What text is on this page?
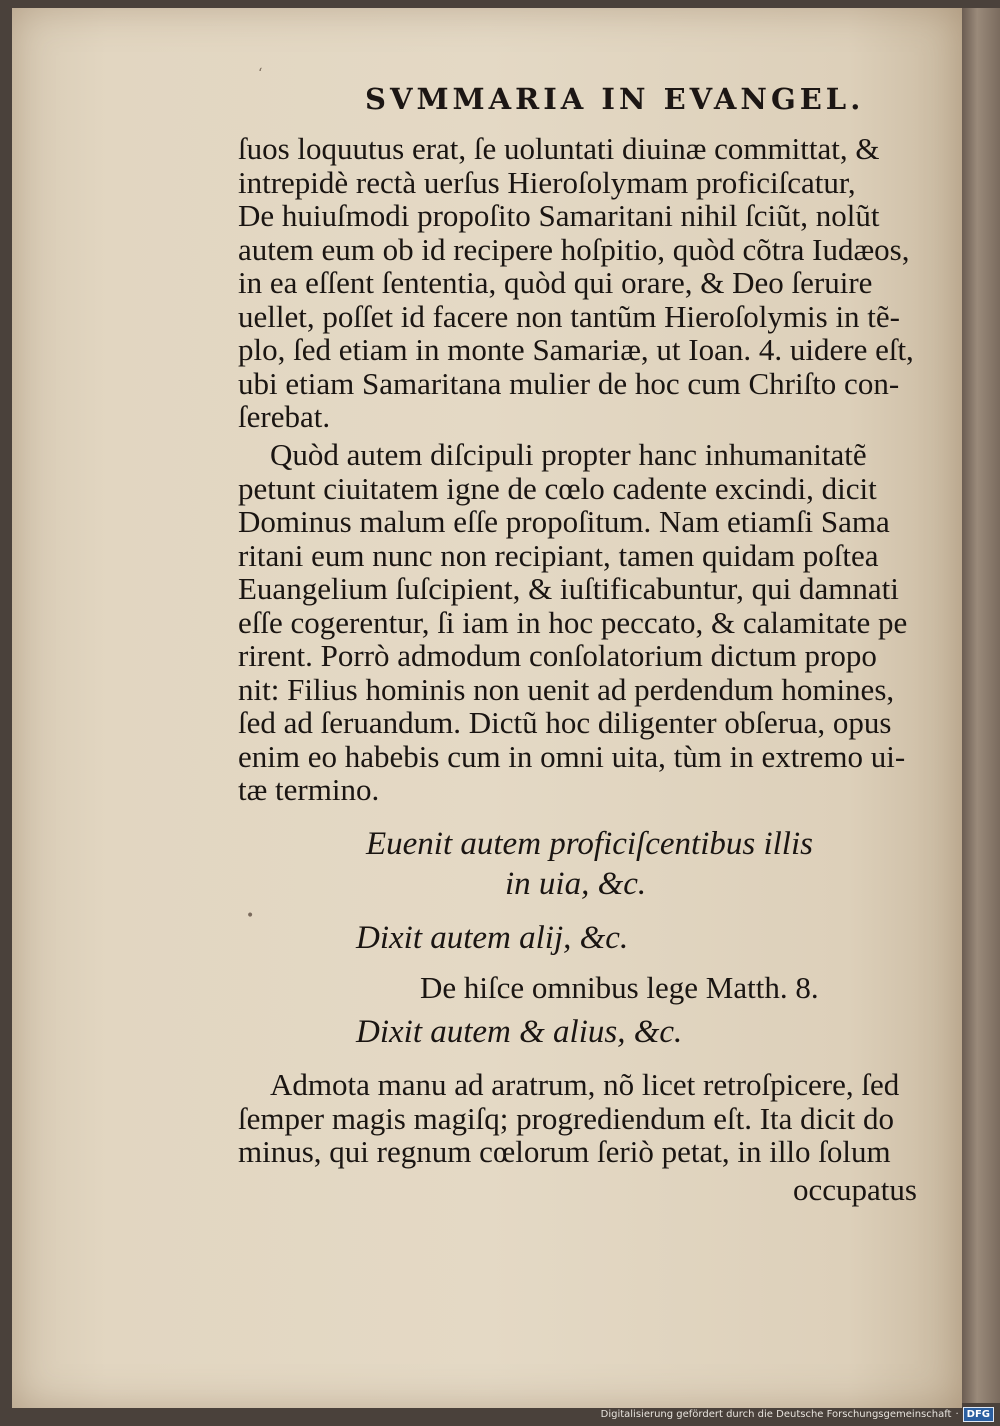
‘
•
SVMMARIA IN EVANGEL.
ſuos loquutus erat, ſe uoluntati diuinæ committat, &
intrepidè rectà uerſus Hieroſolymam proficiſcatur,
De huiuſmodi propoſito Samaritani nihil ſciũt, nolũt
autem eum ob id recipere hoſpitio, quòd cõtra Iudæos,
in ea eſſent ſententia, quòd qui orare, & Deo ſeruire
uellet, poſſet id facere non tantũm Hieroſolymis in tẽ-
plo, ſed etiam in monte Samariæ, ut Ioan. 4. uidere eſt,
ubi etiam Samaritana mulier de hoc cum Chriſto con-
ſerebat.
Quòd autem diſcipuli propter hanc inhumanitatẽ
petunt ciuitatem igne de cœlo cadente excindi, dicit
Dominus malum eſſe propoſitum. Nam etiamſi Sama
ritani eum nunc non recipiant, tamen quidam poſtea
Euangelium ſuſcipient, & iuſtificabuntur, qui damnati
eſſe cogerentur, ſi iam in hoc peccato, & calamitate pe
rirent. Porrò admodum conſolatorium dictum propo
nit: Filius hominis non uenit ad perdendum homines,
ſed ad ſeruandum. Dictũ hoc diligenter obſerua, opus
enim eo habebis cum in omni uita, tùm in extremo ui-
tæ termino.
Euenit autem proficiſcentibus illis
in uia, &c.
Dixit autem alij, &c.
De hiſce omnibus lege Matth. 8.
Dixit autem & alius, &c.
Admota manu ad aratrum, nõ licet retroſpicere, ſed
ſemper magis magiſq; progrediendum eſt. Ita dicit do
minus, qui regnum cœlorum ſeriò petat, in illo ſolum
occupatus
Digitalisierung gefördert durch die Deutsche Forschungsgemeinschaft · DFG
